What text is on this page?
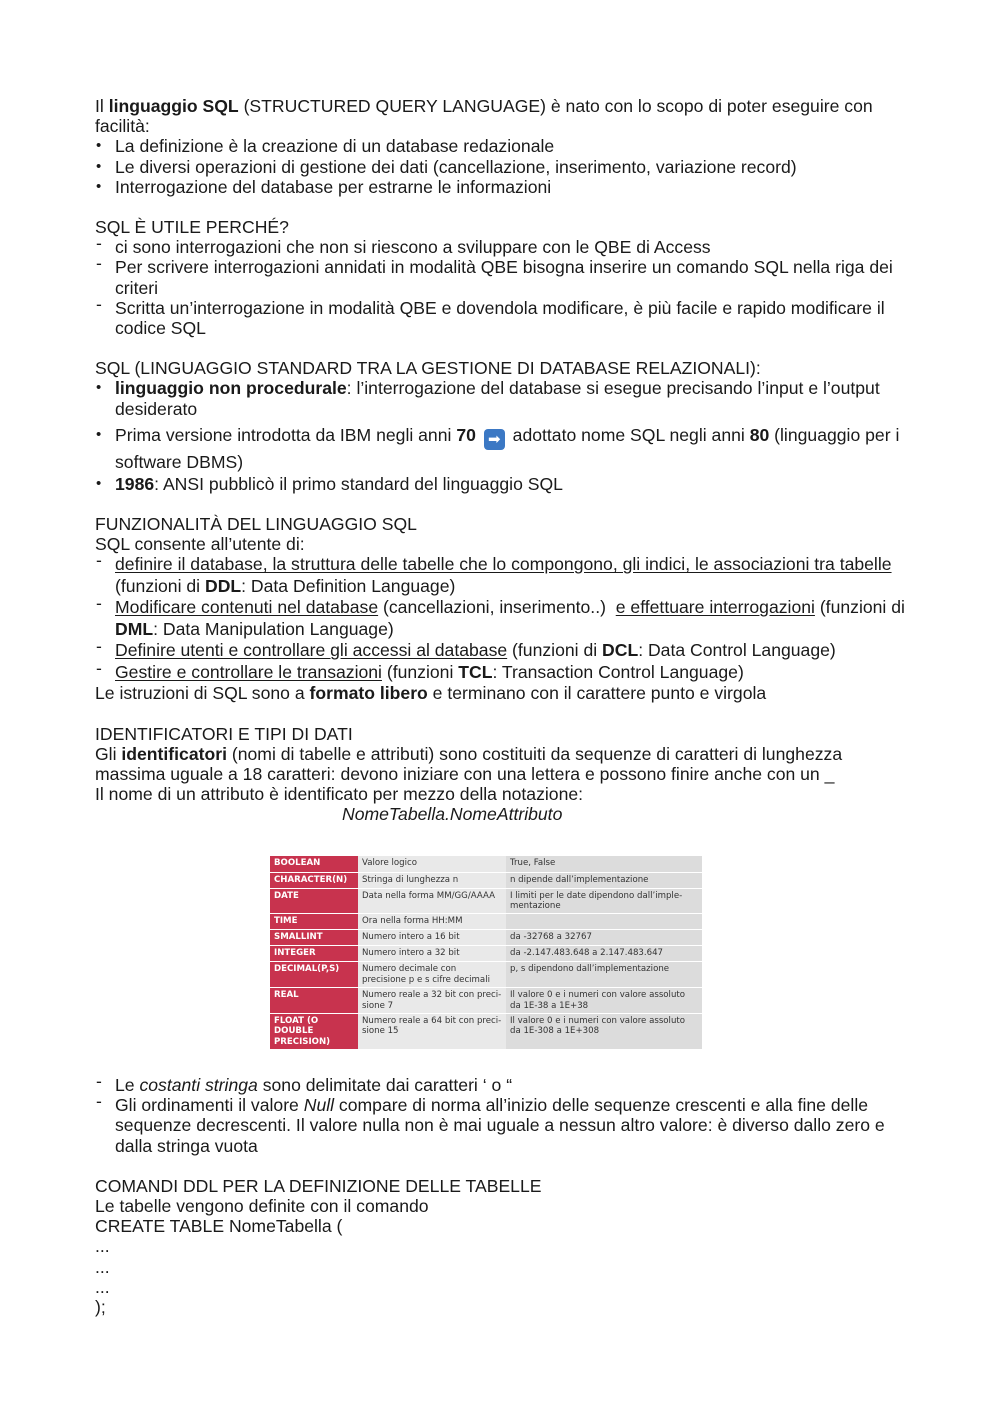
Il linguaggio SQL (STRUCTURED QUERY LANGUAGE) è nato con lo scopo di poter eseguire con facilità:

• La definizione è la creazione di un database redazionale
• Le diversi operazioni di gestione dei dati (cancellazione, inserimento, variazione record)
• Interrogazione del database per estrarne le informazioni

SQL È UTILE PERCHÉ?

- ci sono interrogazioni che non si riescono a sviluppare con le QBE di Access
- Per scrivere interrogazioni annidati in modalità QBE bisogna inserire un comando SQL nella riga dei criteri
- Scritta un’interrogazione in modalità QBE e dovendola modificare, è più facile e rapido modificare il codice SQL

SQL (LINGUAGGIO STANDARD TRA LA GESTIONE DI DATABASE RELAZIONALI):

• linguaggio non procedurale: l’interrogazione del database si esegue precisando l’input e l’output desiderato
• Prima versione introdotta da IBM negli anni 70 ➡ adottato nome SQL negli anni 80 (linguaggio per i software DBMS)
• 1986: ANSI pubblicò il primo standard del linguaggio SQL

FUNZIONALITÀ DEL LINGUAGGIO SQL

SQL consente all’utente di:

- definire il database, la struttura delle tabelle che lo compongono, gli indici, le associazioni tra tabelle (funzioni di DDL: Data Definition Language)
- Modificare contenuti nel database (cancellazioni, inserimento..)  e effettuare interrogazioni (funzioni di DML: Data Manipulation Language)
- Definire utenti e controllare gli accessi al database (funzioni di DCL: Data Control Language)
- Gestire e controllare le transazioni (funzioni TCL: Transaction Control Language)

Le istruzioni di SQL sono a formato libero e terminano con il carattere punto e virgola

IDENTIFICATORI E TIPI DI DATI

Gli identificatori (nomi di tabelle e attributi) sono costituiti da sequenze di caratteri di lunghezza massima uguale a 18 caratteri: devono iniziare con una lettera e possono finire anche con un _

Il nome di un attributo è identificato per mezzo della notazione:

NomeTabella.NomeAttributo

BOOLEAN	Valore logico	True, False
CHARACTER(N)	Stringa di lunghezza n	n dipende dall’implementazione
DATE	Data nella forma MM/GG/AAAA	I limiti per le date dipendono dall’imple-mentazione
TIME	Ora nella forma HH:MM	
SMALLINT	Numero intero a 16 bit	da -32768 a 32767
INTEGER	Numero intero a 32 bit	da -2.147.483.648 a 2.147.483.647
DECIMAL(P,S)	Numero decimale con precisione p e s cifre decimali	p, s dipendono dall’implementazione
REAL	Numero reale a 32 bit con preci-sione 7	Il valore 0 e i numeri con valore assoluto da 1E-38 a 1E+38
FLOAT (O DOUBLE PRECISION)	Numero reale a 64 bit con preci-sione 15	Il valore 0 e i numeri con valore assoluto da 1E-308 a 1E+308
- Le costanti stringa sono delimitate dai caratteri ‘ o “
- Gli ordinamenti il valore Null compare di norma all’inizio delle sequenze crescenti e alla fine delle sequenze decrescenti. Il valore nulla non è mai uguale a nessun altro valore: è diverso dallo zero e dalla stringa vuota

COMANDI DDL PER LA DEFINIZIONE DELLE TABELLE

Le tabelle vengono definite con il comando

CREATE TABLE NomeTabella (

...

...

...

);
